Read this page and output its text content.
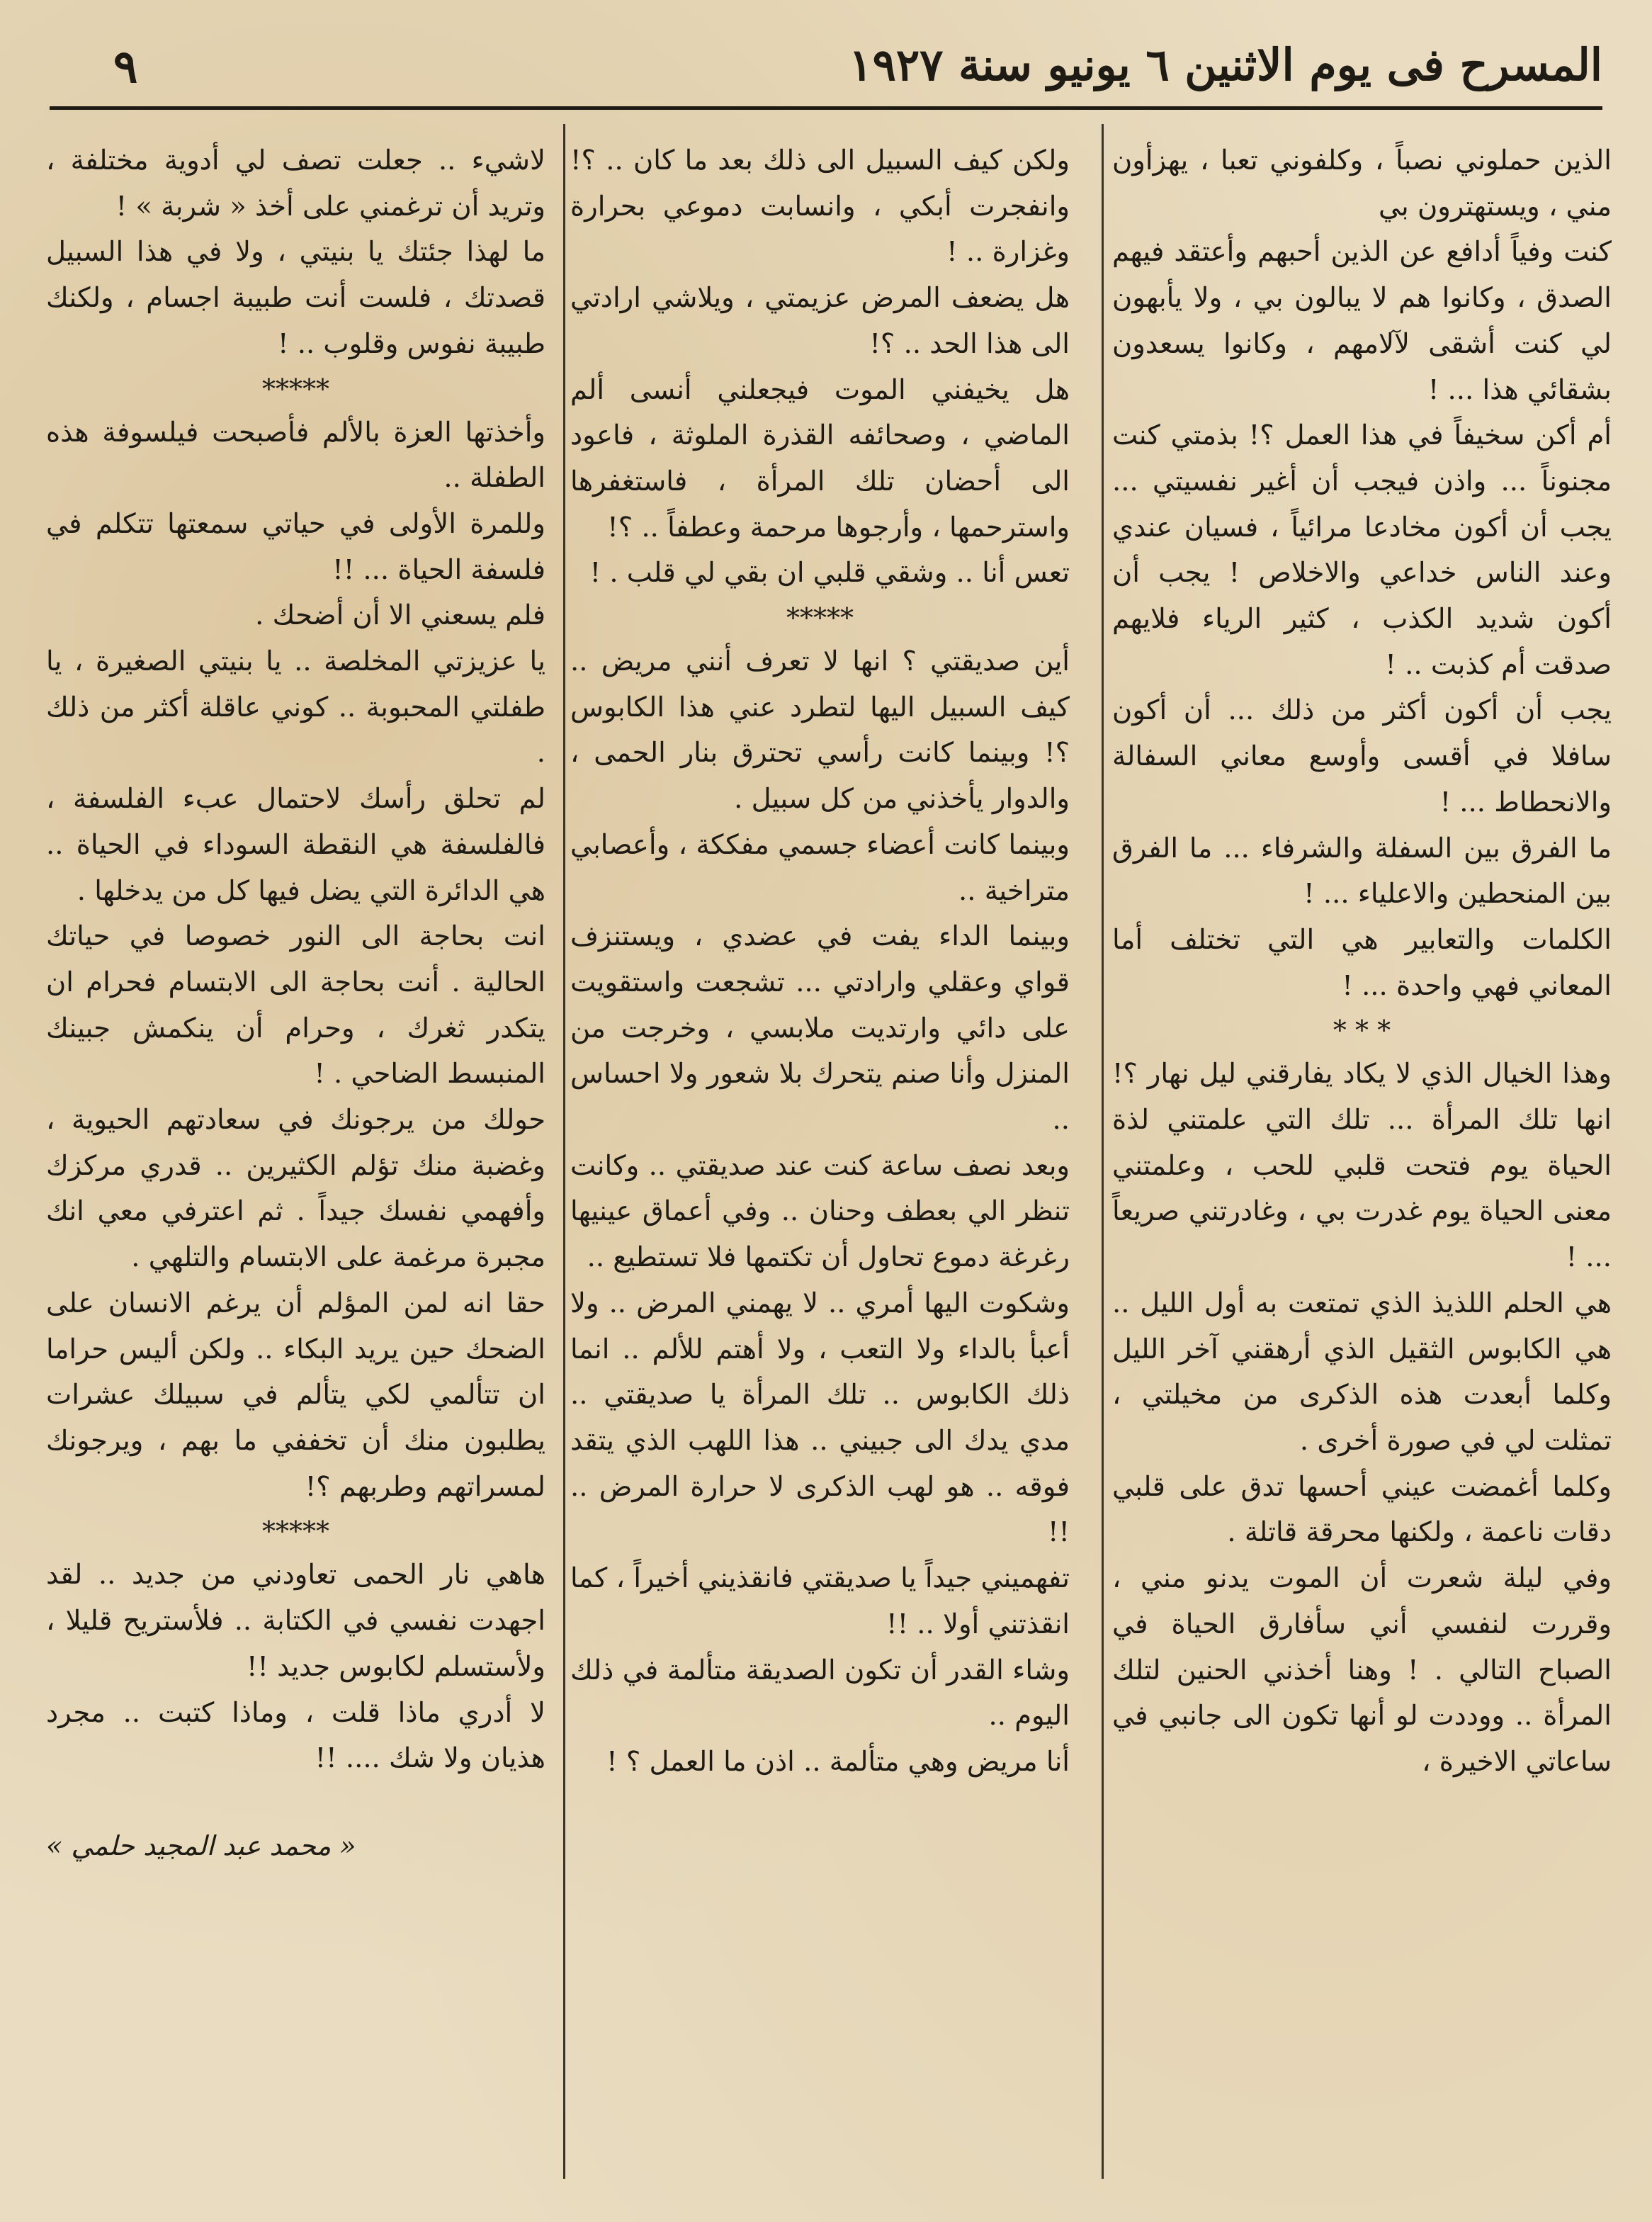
٩	المسرح فى يوم الاثنين ٦ يونيو سنة ١٩٢٧

الذين حملوني نصباً ، وكلفوني تعبا ، يهزأون مني ، ويستهترون بي

كنت وفياً أدافع عن الذين أحبهم وأعتقد فيهم الصدق ، وكانوا هم لا يبالون بي ، ولا يأبهون لي كنت أشقى لآلامهم ، وكانوا يسعدون بشقائي هذا ... !

أم أكن سخيفاً في هذا العمل ؟! بذمتي كنت مجنوناً ... واذن فيجب أن أغير نفسيتي ... يجب أن أكون مخادعا مرائياً ، فسيان عندي وعند الناس خداعي والاخلاص ! يجب أن أكون شديد الكذب ، كثير الرياء فلايهم صدقت أم كذبت .. !

يجب أن أكون أكثر من ذلك ... أن أكون سافلا في أقسى وأوسع معاني السفالة والانحطاط ... !

ما الفرق بين السفلة والشرفاء ... ما الفرق بين المنحطين والاعلياء ... !

الكلمات والتعابير هي التي تختلف أما المعاني فهي واحدة ... !

* * *

وهذا الخيال الذي لا يكاد يفارقني ليل نهار ؟! انها تلك المرأة ... تلك التي علمتني لذة الحياة يوم فتحت قلبي للحب ، وعلمتني معنى الحياة يوم غدرت بي ، وغادرتني صريعاً ... !

هي الحلم اللذيذ الذي تمتعت به أول الليل .. هي الكابوس الثقيل الذي أرهقني آخر الليل وكلما أبعدت هذه الذكرى من مخيلتي ، تمثلت لي في صورة أخرى .

وكلما أغمضت عيني أحسها تدق على قلبي دقات ناعمة ، ولكنها محرقة قاتلة .

وفي ليلة شعرت أن الموت يدنو مني ، وقررت لنفسي أني سأفارق الحياة في الصباح التالي . ! وهنا أخذني الحنين لتلك المرأة .. ووددت لو أنها تكون الى جانبي في ساعاتي الاخيرة ،

ولكن كيف السبيل الى ذلك بعد ما كان .. ؟! وانفجرت أبكي ، وانسابت دموعي بحرارة وغزارة .. !

هل يضعف المرض عزيمتي ، ويلاشي ارادتي الى هذا الحد .. ؟!

هل يخيفني الموت فيجعلني أنسى ألم الماضي ، وصحائفه القذرة الملوثة ، فاعود الى أحضان تلك المرأة ، فاستغفرها واسترحمها ، وأرجوها مرحمة وعطفاً .. ؟!

تعس أنا .. وشقي قلبي ان بقي لي قلب . !

*****

أين صديقتي ؟ انها لا تعرف أنني مريض .. كيف السبيل اليها لتطرد عني هذا الكابوس ؟! وبينما كانت رأسي تحترق بنار الحمى ، والدوار يأخذني من كل سبيل .

وبينما كانت أعضاء جسمي مفككة ، وأعصابي متراخية ..

وبينما الداء يفت في عضدي ، ويستنزف قواي وعقلي وارادتي ... تشجعت واستقويت على دائي وارتديت ملابسي ، وخرجت من المنزل وأنا صنم يتحرك بلا شعور ولا احساس ..

وبعد نصف ساعة كنت عند صديقتي .. وكانت تنظر الي بعطف وحنان .. وفي أعماق عينيها رغرغة دموع تحاول أن تكتمها فلا تستطيع ..

وشكوت اليها أمري .. لا يهمني المرض .. ولا أعبأ بالداء ولا التعب ، ولا أهتم للألم .. انما ذلك الكابوس .. تلك المرأة يا صديقتي .. مدي يدك الى جبيني .. هذا اللهب الذي يتقد فوقه .. هو لهب الذكرى لا حرارة المرض .. !!

تفهميني جيداً يا صديقتي فانقذيني أخيراً ، كما انقذتني أولا .. !!

وشاء القدر أن تكون الصديقة متألمة في ذلك اليوم ..

أنا مريض وهي متألمة .. اذن ما العمل ؟ !

لاشيء .. جعلت تصف لي أدوية مختلفة ، وتريد أن ترغمني على أخذ « شربة » !

ما لهذا جئتك يا بنيتي ، ولا في هذا السبيل قصدتك ، فلست أنت طبيبة اجسام ، ولكنك طبيبة نفوس وقلوب .. !

*****

وأخذتها العزة بالألم فأصبحت فيلسوفة هذه الطفلة ..

وللمرة الأولى في حياتي سمعتها تتكلم في فلسفة الحياة ... !!

فلم يسعني الا أن أضحك .

يا عزيزتي المخلصة .. يا بنيتي الصغيرة ، يا طفلتي المحبوبة .. كوني عاقلة أكثر من ذلك .

لم تحلق رأسك لاحتمال عبء الفلسفة ، فالفلسفة هي النقطة السوداء في الحياة .. هي الدائرة التي يضل فيها كل من يدخلها .

انت بحاجة الى النور خصوصا في حياتك الحالية . أنت بحاجة الى الابتسام فحرام ان يتكدر ثغرك ، وحرام أن ينكمش جبينك المنبسط الضاحي . !

حولك من يرجونك في سعادتهم الحيوية ، وغضبة منك تؤلم الكثيرين .. قدري مركزك وأفهمي نفسك جيداً . ثم اعترفي معي انك مجبرة مرغمة على الابتسام والتلهي .

حقا انه لمن المؤلم أن يرغم الانسان على الضحك حين يريد البكاء .. ولكن أليس حراما ان تتألمي لكي يتألم في سبيلك عشرات يطلبون منك أن تخففي ما بهم ، ويرجونك لمسراتهم وطربهم ؟!

*****

هاهي نار الحمى تعاودني من جديد .. لقد اجهدت نفسي في الكتابة .. فلأستريح قليلا ، ولأستسلم لكابوس جديد !!

لا أدري ماذا قلت ، وماذا كتبت .. مجرد هذيان ولا شك .... !!

« محمد عبد المجيد حلمي »
